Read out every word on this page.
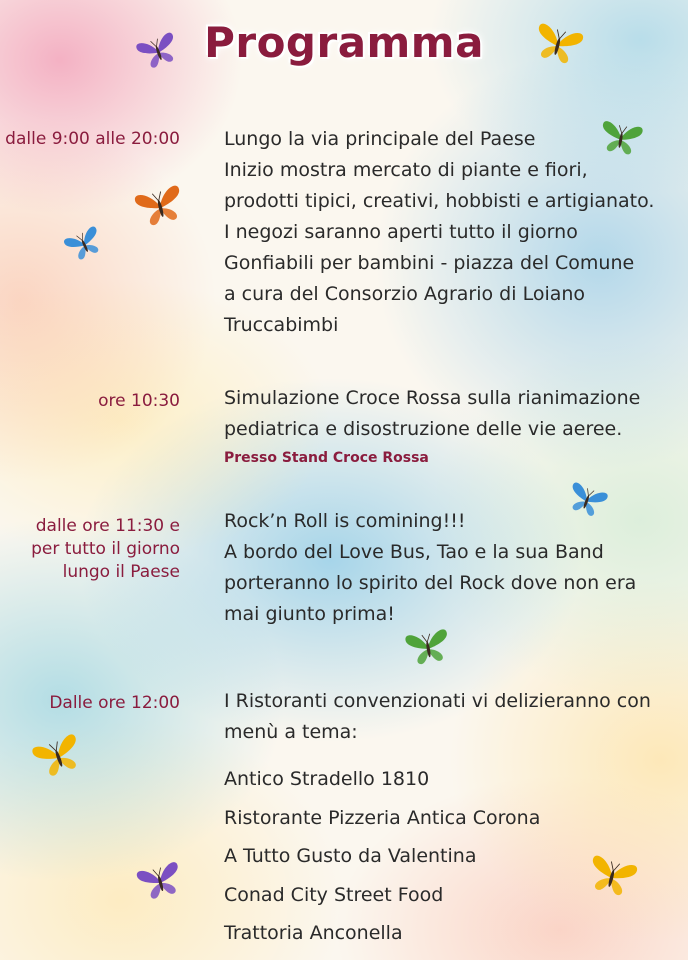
Programma
dalle 9:00 alle 20:00 Lungo la via principale del Paese
Inizio mostra mercato di piante e fiori,
prodotti tipici, creativi, hobbisti e artigianato.
I negozi saranno aperti tutto il giorno
Gonfiabili per bambini - piazza del Comune
a cura del Consorzio Agrario di Loiano
Truccabimbi
ore 10:30 Simulazione Croce Rossa sulla rianimazione
pediatrica e disostruzione delle vie aeree.
Presso Stand Croce Rossa
dalle ore 11:30 e
per tutto il giorno
lungo il Paese
Rock’n Roll is comining!!!
A bordo del Love Bus, Tao e la sua Band
porteranno lo spirito del Rock dove non era
mai giunto prima!
Dalle ore 12:00 I Ristoranti convenzionati vi delizieranno con
menù a tema:
Antico Stradello 1810
Ristorante Pizzeria Antica Corona
A Tutto Gusto da Valentina
Conad City Street Food
Trattoria Anconella
